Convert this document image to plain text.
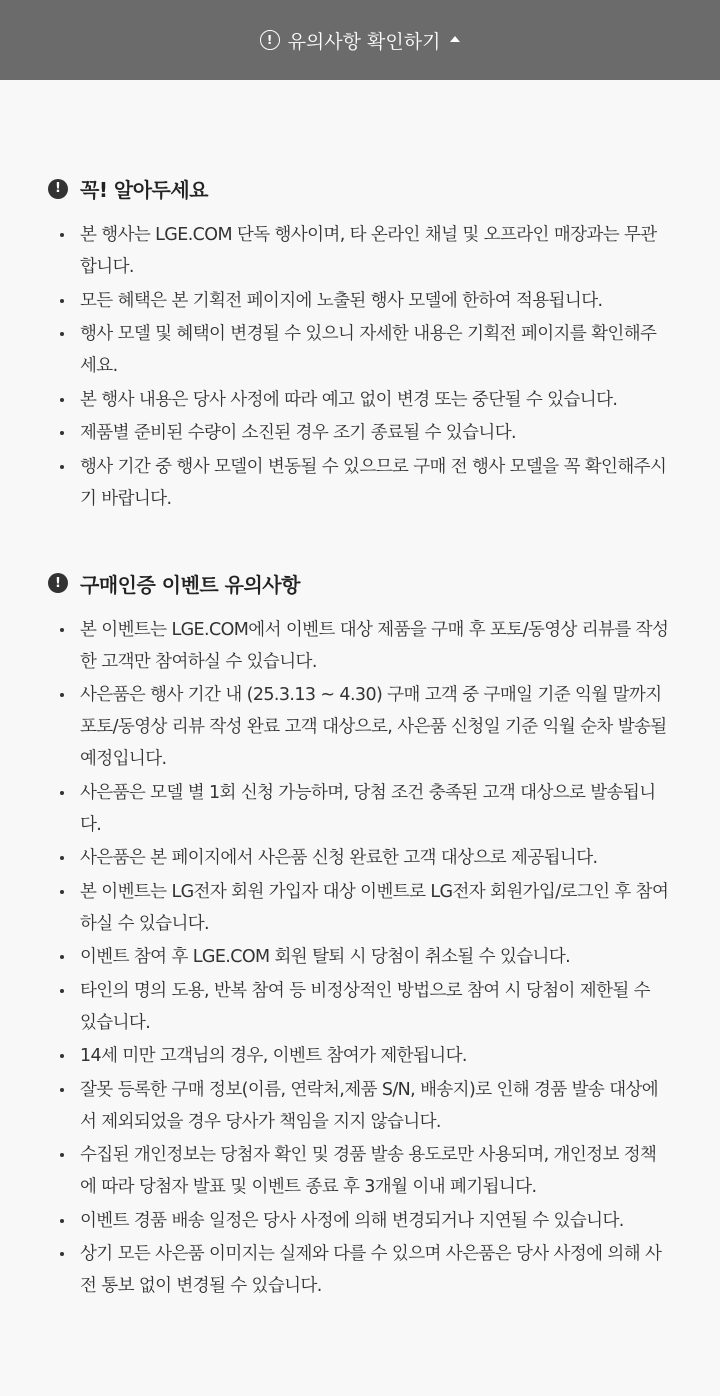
! 유의사항 확인하기
! 꼭! 알아두세요
본 행사는 LGE.COM 단독 행사이며, 타 온라인 채널 및 오프라인 매장과는 무관합니다.
모든 혜택은 본 기획전 페이지에 노출된 행사 모델에 한하여 적용됩니다.
행사 모델 및 혜택이 변경될 수 있으니 자세한 내용은 기획전 페이지를 확인해주세요.
본 행사 내용은 당사 사정에 따라 예고 없이 변경 또는 중단될 수 있습니다.
제품별 준비된 수량이 소진된 경우 조기 종료될 수 있습니다.
행사 기간 중 행사 모델이 변동될 수 있으므로 구매 전 행사 모델을 꼭 확인해주시기 바랍니다.
! 구매인증 이벤트 유의사항
본 이벤트는 LGE.COM에서 이벤트 대상 제품을 구매 후 포토/동영상 리뷰를 작성한 고객만 참여하실 수 있습니다.
사은품은 행사 기간 내 (25.3.13 ~ 4.30) 구매 고객 중 구매일 기준 익월 말까지 포토/동영상 리뷰 작성 완료 고객 대상으로, 사은품 신청일 기준 익월 순차 발송될 예정입니다.
사은품은 모델 별 1회 신청 가능하며, 당첨 조건 충족된 고객 대상으로 발송됩니다.
사은품은 본 페이지에서 사은품 신청 완료한 고객 대상으로 제공됩니다.
본 이벤트는 LG전자 회원 가입자 대상 이벤트로 LG전자 회원가입/로그인 후 참여하실 수 있습니다.
이벤트 참여 후 LGE.COM 회원 탈퇴 시 당첨이 취소될 수 있습니다.
타인의 명의 도용, 반복 참여 등 비정상적인 방법으로 참여 시 당첨이 제한될 수 있습니다.
14세 미만 고객님의 경우, 이벤트 참여가 제한됩니다.
잘못 등록한 구매 정보(이름, 연락처,제품 S/N, 배송지)로 인해 경품 발송 대상에서 제외되었을 경우 당사가 책임을 지지 않습니다.
수집된 개인정보는 당첨자 확인 및 경품 발송 용도로만 사용되며, 개인정보 정책에 따라 당첨자 발표 및 이벤트 종료 후 3개월 이내 폐기됩니다.
이벤트 경품 배송 일정은 당사 사정에 의해 변경되거나 지연될 수 있습니다.
상기 모든 사은품 이미지는 실제와 다를 수 있으며 사은품은 당사 사정에 의해 사전 통보 없이 변경될 수 있습니다.
